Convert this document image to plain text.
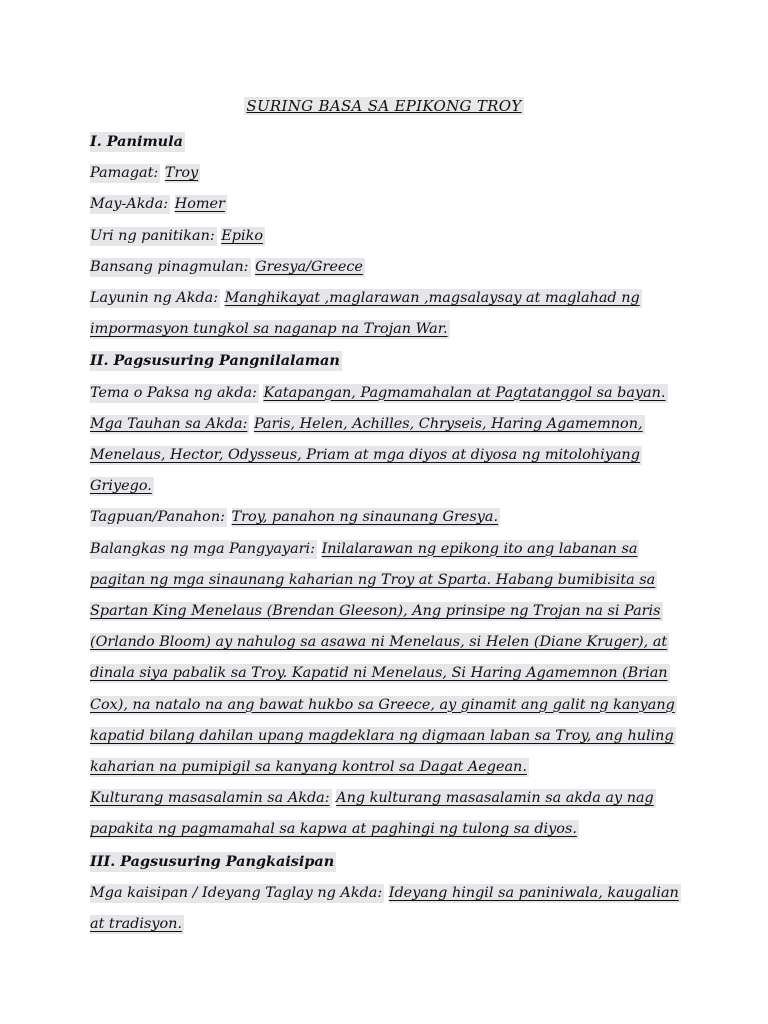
SURING BASA SA EPIKONG TROY

I. Panimula

Pamagat: Troy

May-Akda: Homer

Uri ng panitikan: Epiko

Bansang pinagmulan: Gresya/Greece

Layunin ng Akda: Manghikayat ,maglarawan ,magsalaysay at maglahad ng impormasyon tungkol sa naganap na Trojan War.

II. Pagsusuring Pangnilalaman

Tema o Paksa ng akda: Katapangan, Pagmamahalan at Pagtatanggol sa bayan.

Mga Tauhan sa Akda: Paris, Helen, Achilles, Chryseis, Haring Agamemnon, Menelaus, Hector, Odysseus, Priam at mga diyos at diyosa ng mitolohiyang Griyego.

Tagpuan/Panahon: Troy, panahon ng sinaunang Gresya.

Balangkas ng mga Pangyayari: Inilalarawan ng epikong ito ang labanan sa pagitan ng mga sinaunang kaharian ng Troy at Sparta. Habang bumibisita sa Spartan King Menelaus (Brendan Gleeson), Ang prinsipe ng Trojan na si Paris (Orlando Bloom) ay nahulog sa asawa ni Menelaus, si Helen (Diane Kruger), at dinala siya pabalik sa Troy. Kapatid ni Menelaus, Si Haring Agamemnon (Brian Cox), na natalo na ang bawat hukbo sa Greece, ay ginamit ang galit ng kanyang kapatid bilang dahilan upang magdeklara ng digmaan laban sa Troy, ang huling kaharian na pumipigil sa kanyang kontrol sa Dagat Aegean.

Kulturang masasalamin sa Akda: Ang kulturang masasalamin sa akda ay nag papakita ng pagmamahal sa kapwa at paghingi ng tulong sa diyos.

III. Pagsusuring Pangkaisipan

Mga kaisipan / Ideyang Taglay ng Akda: Ideyang hingil sa paniniwala, kaugalian at tradisyon.
